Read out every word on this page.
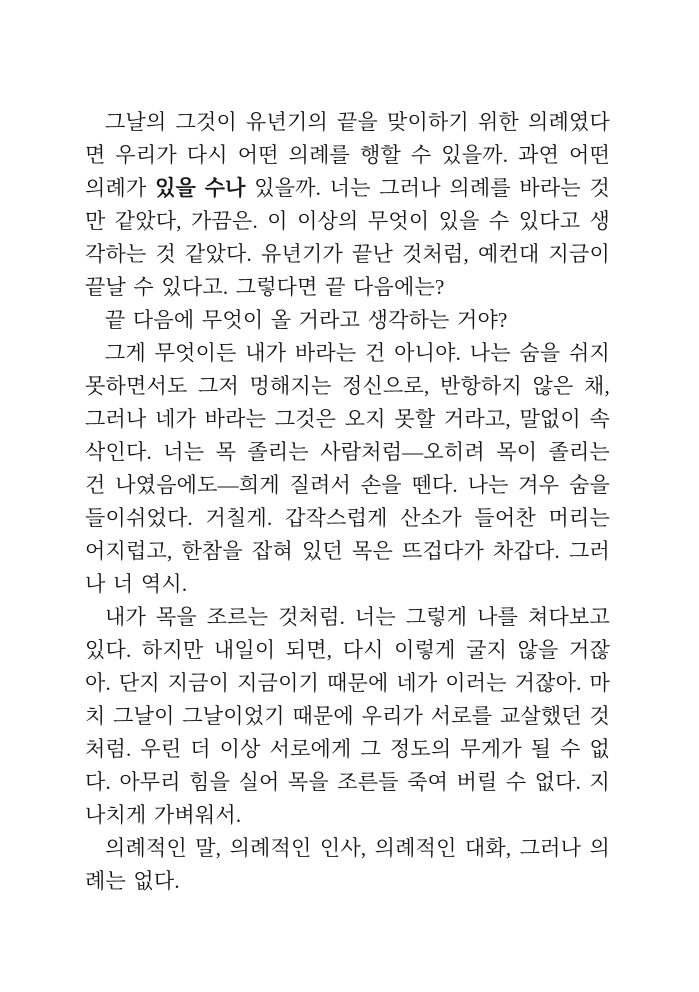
그날의 그것이 유년기의 끝을 맞이하기 위한 의례였다면 우리가 다시 어떤 의례를 행할 수 있을까. 과연 어떤 의례가 있을 수나 있을까. 너는 그러나 의례를 바라는 것만 같았다, 가끔은. 이 이상의 무엇이 있을 수 있다고 생각하는 것 같았다. 유년기가 끝난 것처럼, 예컨대 지금이 끝날 수 있다고. 그렇다면 끝 다음에는?

끝 다음에 무엇이 올 거라고 생각하는 거야?

그게 무엇이든 내가 바라는 건 아니야. 나는 숨을 쉬지 못하면서도 그저 멍해지는 정신으로, 반항하지 않은 채, 그러나 네가 바라는 그것은 오지 못할 거라고, 말없이 속삭인다. 너는 목 졸리는 사람처럼—오히려 목이 졸리는 건 나였음에도—희게 질려서 손을 뗀다. 나는 겨우 숨을 들이쉬었다. 거칠게. 갑작스럽게 산소가 들어찬 머리는 어지럽고, 한참을 잡혀 있던 목은 뜨겁다가 차갑다. 그러나 너 역시.

내가 목을 조르는 것처럼. 너는 그렇게 나를 쳐다보고 있다. 하지만 내일이 되면, 다시 이렇게 굴지 않을 거잖아. 단지 지금이 지금이기 때문에 네가 이러는 거잖아. 마치 그날이 그날이었기 때문에 우리가 서로를 교살했던 것처럼. 우린 더 이상 서로에게 그 정도의 무게가 될 수 없다. 아무리 힘을 실어 목을 조른들 죽여 버릴 수 없다. 지나치게 가벼워서.

의례적인 말, 의례적인 인사, 의례적인 대화, 그러나 의례는 없다.
